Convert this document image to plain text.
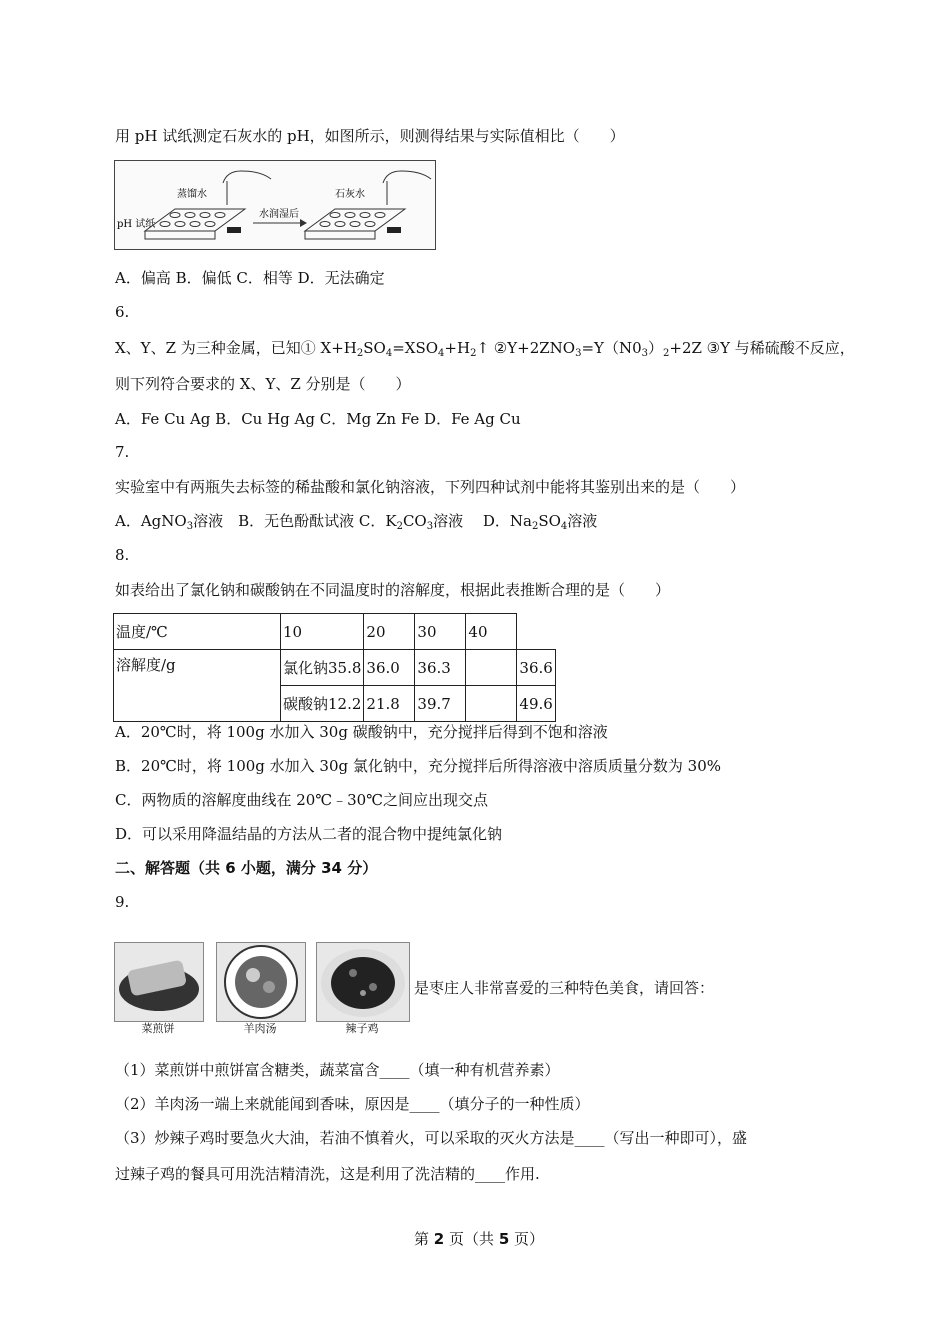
用 pH 试纸测定石灰水的 pH，如图所示，则测得结果与实际值相比（　　）
蒸馏水
pH 试纸
水润湿后
石灰水
A．偏高 B．偏低 C．相等 D．无法确定
6.
X、Y、Z 为三种金属，已知① $X+H_2SO_4=XSO_4+H_2↑$ $②Y+2ZNO_3=Y(N0_3)_2+2Z$ ③Y 与稀硫酸不反应，
则下列符合要求的 X、Y、Z 分别是（　　）
A．Fe Cu Ag B．Cu Hg Ag C．Mg Zn Fe D．Fe Ag Cu
7.
实验室中有两瓶失去标签的稀盐酸和氯化钠溶液，下列四种试剂中能将其鉴别出来的是（　　）
A．AgNO$_3$溶液　B．无色酚酞试液 C．$K_2CO_3$溶液　 D．$Na_2SO_4$溶液
8.
如表给出了氯化钠和碳酸钠在不同温度时的溶解度，根据此表推断合理的是（　　）
温度/℃	10	20	30	40	
溶解度/g	氯化钠35.8	36.0	36.3		36.6
	碳酸钠12.2	21.8	39.7		49.6
A．20℃时，将 100g 水加入 30g 碳酸钠中，充分搅拌后得到不饱和溶液
B．20℃时，将 100g 水加入 30g 氯化钠中，充分搅拌后所得溶液中溶质质量分数为 30%
C．两物质的溶解度曲线在 20℃﹣30℃之间应出现交点
D．可以采用降温结晶的方法从二者的混合物中提纯氯化钠
二、解答题（共 6 小题，满分 34 分）
9.
菜煎饼	羊肉汤	辣子鸡
是枣庄人非常喜爱的三种特色美食，请回答：
（1）菜煎饼中煎饼富含糖类，蔬菜富含____（填一种有机营养素）
（2）羊肉汤一端上来就能闻到香味，原因是____（填分子的一种性质）
（3）炒辣子鸡时要急火大油，若油不慎着火，可以采取的灭火方法是____（写出一种即可），盛
过辣子鸡的餐具可用洗洁精清洗，这是利用了洗洁精的____作用.
第 2 页（共 5 页）
